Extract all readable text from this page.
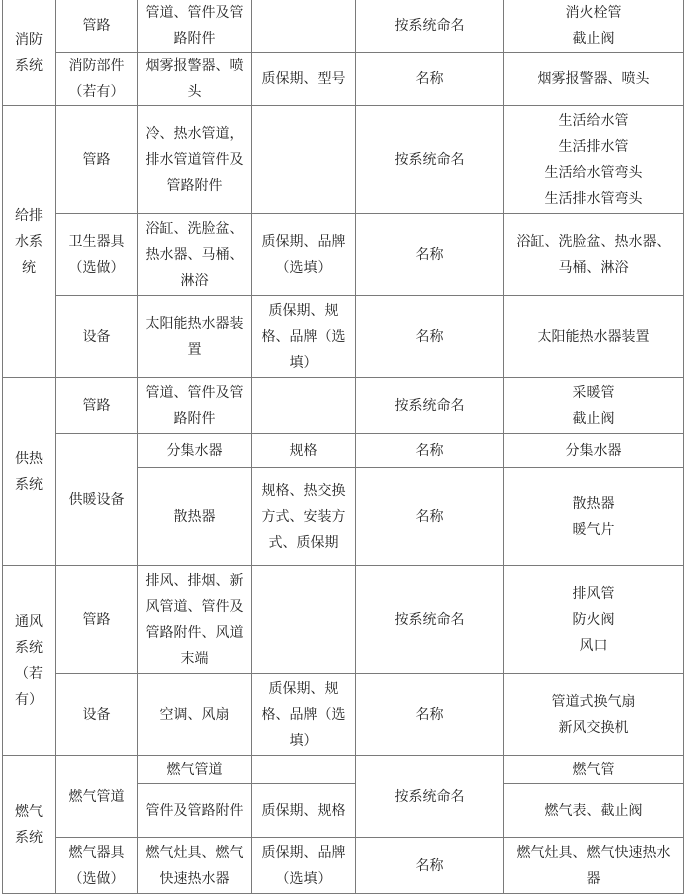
消防系统	管路	管道、管件及管路附件		按系统命名	消火栓管
截止阀

	消防部件（若有）	烟雾报警器、喷头	质保期、型号	名称	烟雾报警器、喷头
给排水系统	管路	冷、热水管道，排水管道管件及管路附件		按系统命名	生活给水管
生活排水管
生活给水管弯头
生活排水管弯头

	卫生器具（选做）	浴缸、洗脸盆、热水器、马桶、淋浴	质保期、品牌（选填）	名称	浴缸、洗脸盆、热水器、马桶、淋浴
	设备	太阳能热水器装置	质保期、规格、品牌（选填）	名称	太阳能热水器装置
供热系统	管路	管道、管件及管路附件		按系统命名	采暖管
截止阀

	供暖设备	分集水器	规格	名称	分集水器
		散热器	规格、热交换方式、安装方式、质保期	名称	散热器
暖气片

通风系统（若有）	管路	排风、排烟、新风管道、管件及管路附件、风道末端		按系统命名	排风管
防火阀
风口

	设备	空调、风扇	质保期、规格、品牌（选填）	名称	管道式换气扇
新风交换机

燃气系统	燃气管道	燃气管道		按系统命名	燃气管
		管件及管路附件	质保期、规格		燃气表、截止阀
	燃气器具（选做）	燃气灶具、燃气快速热水器	质保期、品牌（选填）	名称	燃气灶具、燃气快速热水器
